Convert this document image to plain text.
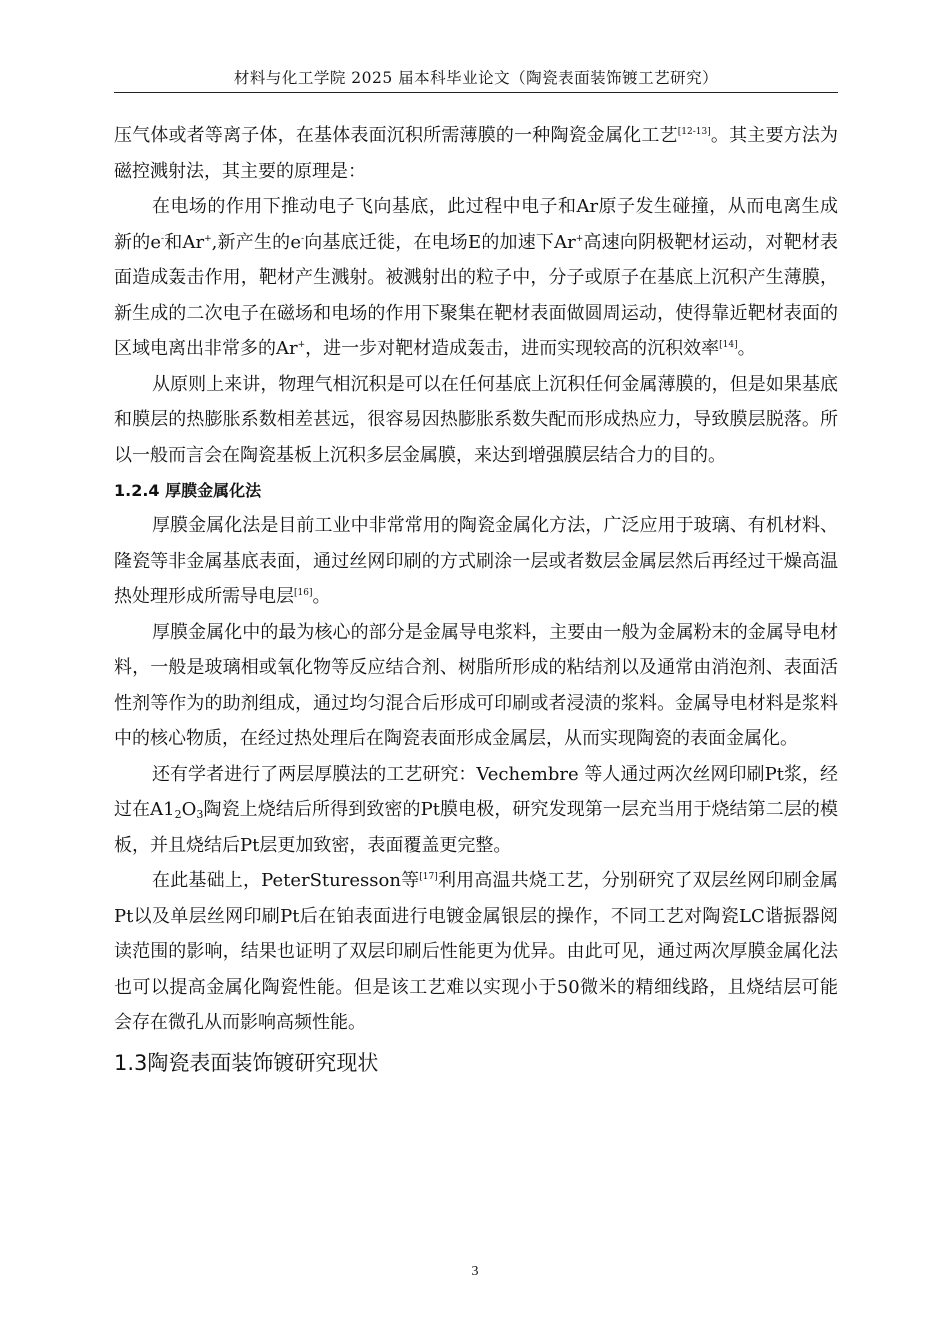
材料与化工学院 2025 届本科毕业论文（陶瓷表面装饰镀工艺研究）

压气体或者等离子体，在基体表面沉积所需薄膜的一种陶瓷金属化工艺[12-13]。其主要方法为磁控溅射法，其主要的原理是：

在电场的作用下推动电子飞向基底，此过程中电子和Ar原子发生碰撞，从而电离生成新的e-和Ar+,新产生的e-向基底迁徙，在电场E的加速下Ar+高速向阴极靶材运动，对靶材表面造成轰击作用，靶材产生溅射。被溅射出的粒子中，分子或原子在基底上沉积产生薄膜，新生成的二次电子在磁场和电场的作用下聚集在靶材表面做圆周运动，使得靠近靶材表面的区域电离出非常多的Ar+，进一步对靶材造成轰击，进而实现较高的沉积效率[14]。

从原则上来讲，物理气相沉积是可以在任何基底上沉积任何金属薄膜的，但是如果基底和膜层的热膨胀系数相差甚远，很容易因热膨胀系数失配而形成热应力，导致膜层脱落。所以一般而言会在陶瓷基板上沉积多层金属膜，来达到增强膜层结合力的目的。

1.2.4 厚膜金属化法

厚膜金属化法是目前工业中非常常用的陶瓷金属化方法，广泛应用于玻璃、有机材料、隆瓷等非金属基底表面，通过丝网印刷的方式刷涂一层或者数层金属层然后再经过干燥高温热处理形成所需导电层[16]。

厚膜金属化中的最为核心的部分是金属导电浆料，主要由一般为金属粉末的金属导电材料，一般是玻璃相或氧化物等反应结合剂、树脂所形成的粘结剂以及通常由消泡剂、表面活性剂等作为的助剂组成，通过均匀混合后形成可印刷或者浸渍的浆料。金属导电材料是浆料中的核心物质，在经过热处理后在陶瓷表面形成金属层，从而实现陶瓷的表面金属化。

还有学者进行了两层厚膜法的工艺研究：Vechembre 等人通过两次丝网印刷Pt浆，经过在$A1_2O_3$陶瓷上烧结后所得到致密的Pt膜电极，研究发现第一层充当用于烧结第二层的模板，并且烧结后Pt层更加致密，表面覆盖更完整。

在此基础上，PeterSturesson等[17]利用高温共烧工艺，分别研究了双层丝网印刷金属Pt以及单层丝网印刷Pt后在铂表面进行电镀金属银层的操作，不同工艺对陶瓷LC谐振器阅读范围的影响，结果也证明了双层印刷后性能更为优异。由此可见，通过两次厚膜金属化法也可以提高金属化陶瓷性能。但是该工艺难以实现小于50微米的精细线路，且烧结层可能会存在微孔从而影响高频性能。

1.3陶瓷表面装饰镀研究现状

3
